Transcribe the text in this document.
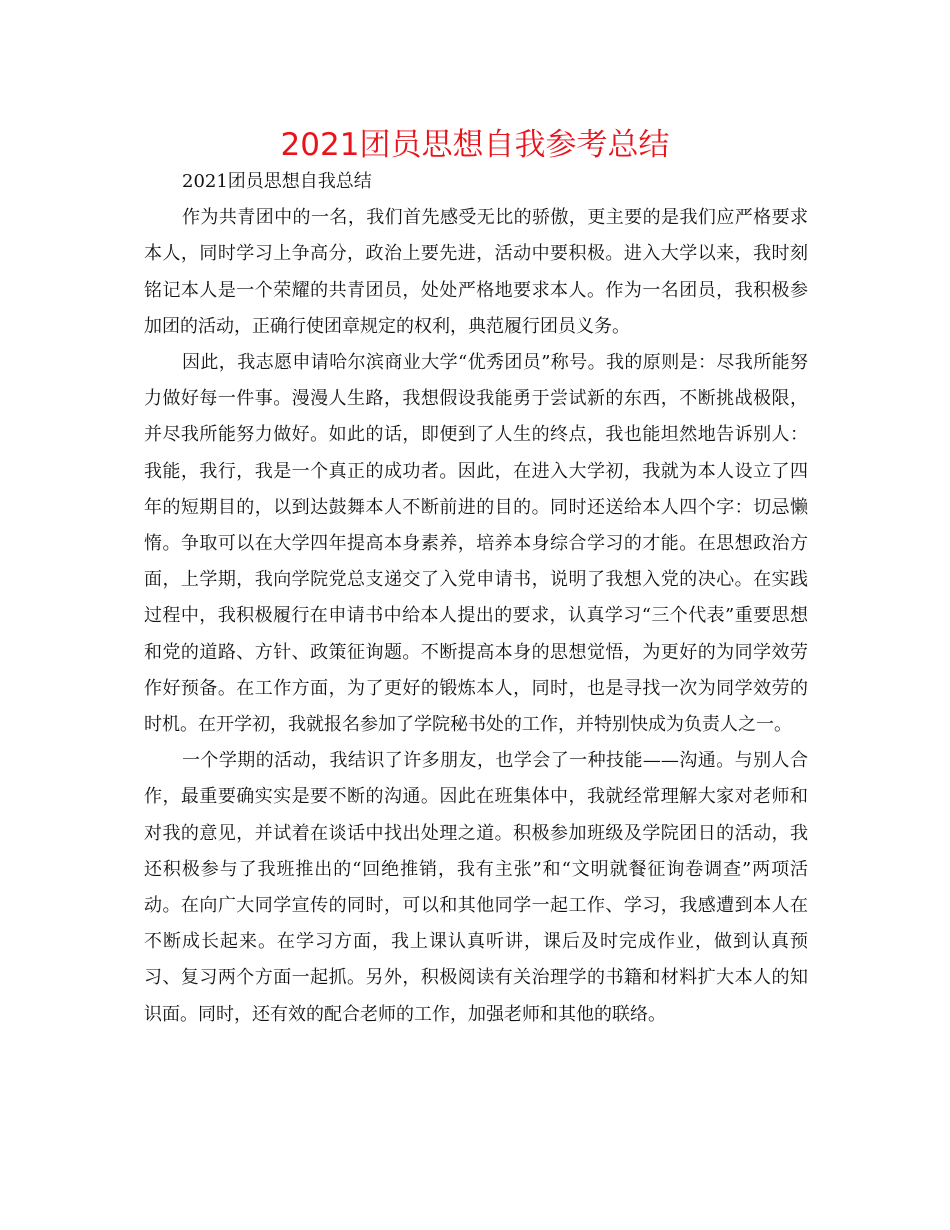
2021团员思想自我参考总结

2021团员思想自我总结

作为共青团中的一名，我们首先感受无比的骄傲，更主要的是我们应严格要求本人，同时学习上争高分，政治上要先进，活动中要积极。进入大学以来，我时刻铭记本人是一个荣耀的共青团员，处处严格地要求本人。作为一名团员，我积极参加团的活动，正确行使团章规定的权利，典范履行团员义务。

因此，我志愿申请哈尔滨商业大学“优秀团员”称号。我的原则是：尽我所能努力做好每一件事。漫漫人生路，我想假设我能勇于尝试新的东西，不断挑战极限，并尽我所能努力做好。如此的话，即便到了人生的终点，我也能坦然地告诉别人：我能，我行，我是一个真正的成功者。因此，在进入大学初，我就为本人设立了四年的短期目的，以到达鼓舞本人不断前进的目的。同时还送给本人四个字：切忌懒惰。争取可以在大学四年提高本身素养，培养本身综合学习的才能。在思想政治方面，上学期，我向学院党总支递交了入党申请书，说明了我想入党的决心。在实践过程中，我积极履行在申请书中给本人提出的要求，认真学习“三个代表”重要思想和党的道路、方针、政策征询题。不断提高本身的思想觉悟，为更好的为同学效劳作好预备。在工作方面，为了更好的锻炼本人，同时，也是寻找一次为同学效劳的时机。在开学初，我就报名参加了学院秘书处的工作，并特别快成为负责人之一。

一个学期的活动，我结识了许多朋友，也学会了一种技能——沟通。与别人合作，最重要确实实是要不断的沟通。因此在班集体中，我就经常理解大家对老师和对我的意见，并试着在谈话中找出处理之道。积极参加班级及学院团日的活动，我还积极参与了我班推出的“回绝推销，我有主张”和“文明就餐征询卷调查”两项活动。在向广大同学宣传的同时，可以和其他同学一起工作、学习，我感遭到本人在不断成长起来。在学习方面，我上课认真听讲，课后及时完成作业，做到认真预习、复习两个方面一起抓。另外，积极阅读有关治理学的书籍和材料扩大本人的知识面。同时，还有效的配合老师的工作，加强老师和其他的联络。
